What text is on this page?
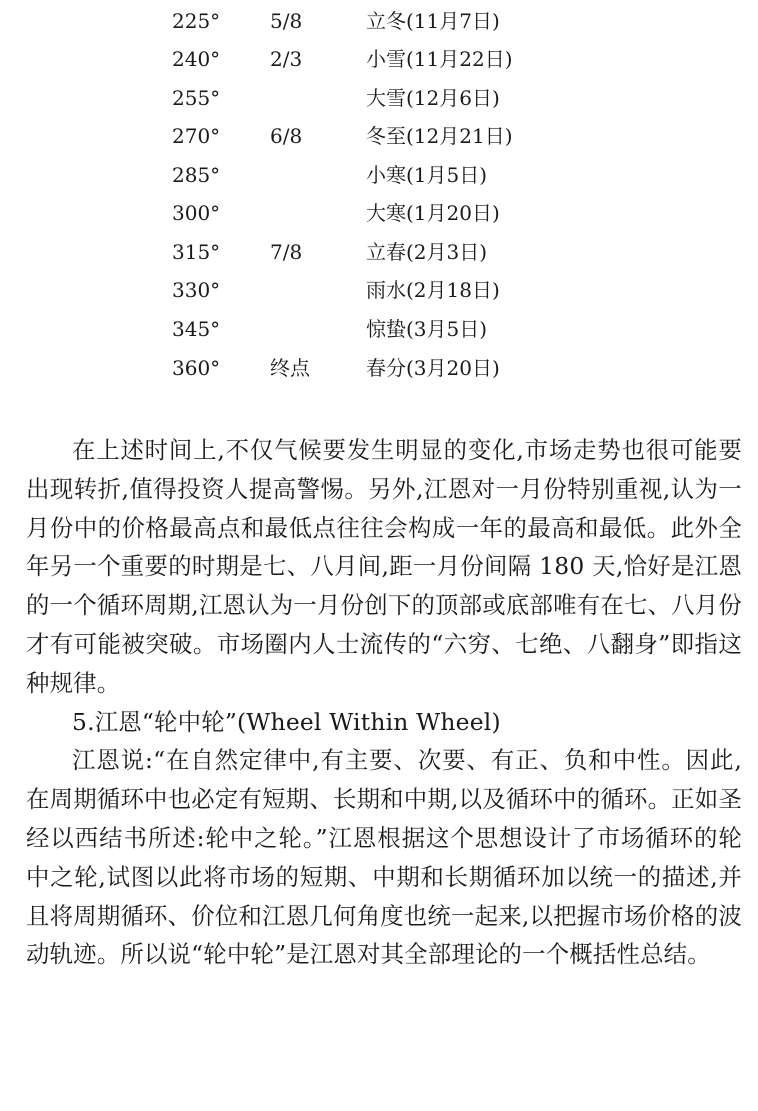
225° 5/8	立冬(11月7日)
240° 2/3	小雪(11月22日)
255°	大雪(12月6日)
270° 6/8	冬至(12月21日)
285°	小寒(1月5日)
300°	大寒(1月20日)
315° 7/8	立春(2月3日)
330°	雨水(2月18日)
345°	惊蛰(3月5日)
360° 终点	春分(3月20日)

在上述时间上,不仅气候要发生明显的变化,市场走势也很可能要出现转折,值得投资人提高警惕。另外,江恩对一月份特别重视,认为一月份中的价格最高点和最低点往往会构成一年的最高和最低。此外全年另一个重要的时期是七、八月间,距一月份间隔 180 天,恰好是江恩的一个循环周期,江恩认为一月份创下的顶部或底部唯有在七、八月份才有可能被突破。市场圈内人士流传的“六穷、七绝、八翻身”即指这种规律。

5.江恩“轮中轮”(Wheel Within Wheel)

江恩说:“在自然定律中,有主要、次要、有正、负和中性。因此,在周期循环中也必定有短期、长期和中期,以及循环中的循环。正如圣经以西结书所述:轮中之轮。”江恩根据这个思想设计了市场循环的轮中之轮,试图以此将市场的短期、中期和长期循环加以统一的描述,并且将周期循环、价位和江恩几何角度也统一起来,以把握市场价格的波动轨迹。所以说“轮中轮”是江恩对其全部理论的一个概括性总结。
